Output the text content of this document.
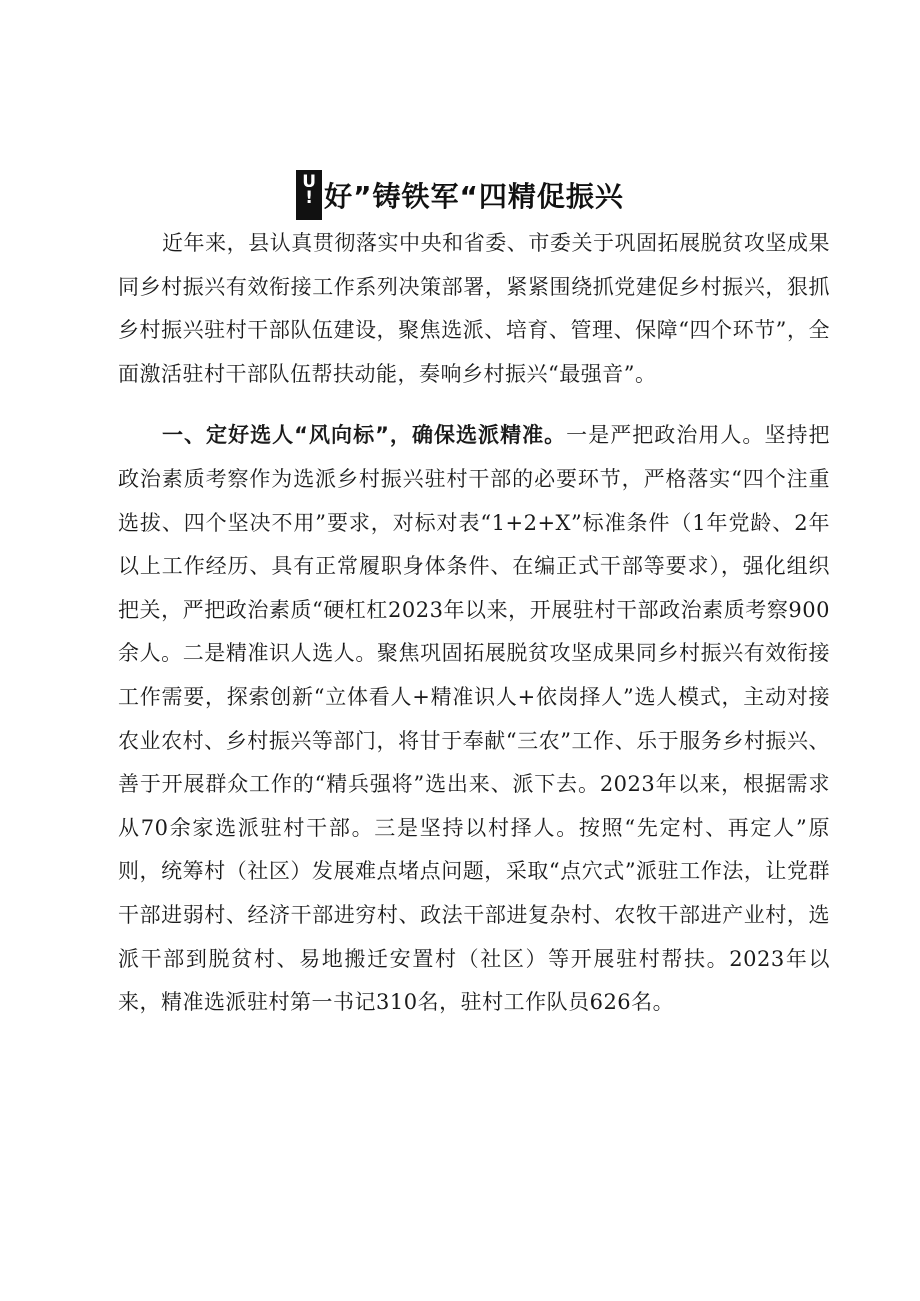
U
! 好”铸铁军“四精促振兴

近年来，县认真贯彻落实中央和省委、市委关于巩固拓展脱贫攻坚成果同乡村振兴有效衔接工作系列决策部署，紧紧围绕抓党建促乡村振兴，狠抓乡村振兴驻村干部队伍建设，聚焦选派、培育、管理、保障“四个环节”，全面激活驻村干部队伍帮扶动能，奏响乡村振兴“最强音”。

一、定好选人“风向标”，确保选派精准。一是严把政治用人。坚持把政治素质考察作为选派乡村振兴驻村干部的必要环节，严格落实“四个注重选拔、四个坚决不用”要求，对标对表“1+2+X”标准条件（1年党龄、2年以上工作经历、具有正常履职身体条件、在编正式干部等要求），强化组织把关，严把政治素质“硬杠杠2023年以来，开展驻村干部政治素质考察900余人。二是精准识人选人。聚焦巩固拓展脱贫攻坚成果同乡村振兴有效衔接工作需要，探索创新“立体看人+精准识人+依岗择人”选人模式，主动对接农业农村、乡村振兴等部门，将甘于奉献“三农”工作、乐于服务乡村振兴、善于开展群众工作的“精兵强将”选出来、派下去。2023年以来，根据需求从70余家选派驻村干部。三是坚持以村择人。按照“先定村、再定人”原则，统筹村（社区）发展难点堵点问题，采取“点穴式”派驻工作法，让党群干部进弱村、经济干部进穷村、政法干部进复杂村、农牧干部进产业村，选派干部到脱贫村、易地搬迁安置村（社区）等开展驻村帮扶。2023年以来，精准选派驻村第一书记310名，驻村工作队员626名。
